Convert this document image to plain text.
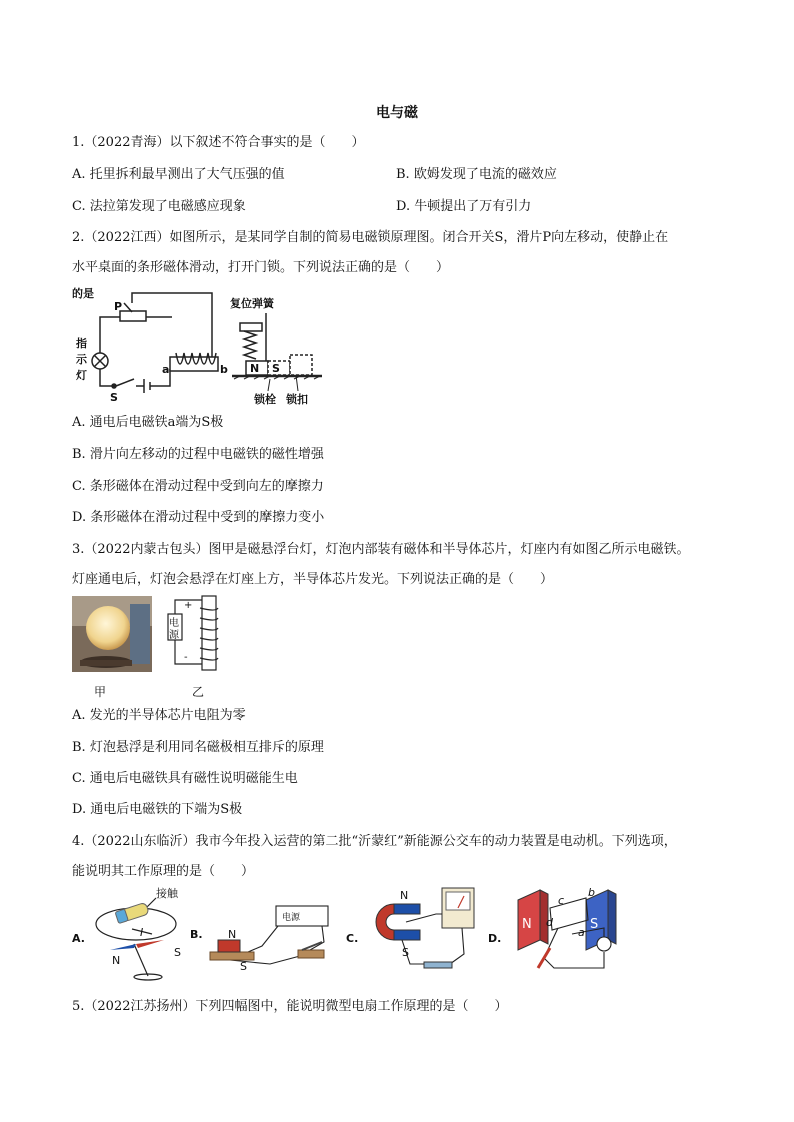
电与磁
1.（2022青海）以下叙述不符合事实的是（　　）
A. 托里拆利最早测出了大气压强的值	B. 欧姆发现了电流的磁效应
C. 法拉第发现了电磁感应现象	D. 牛顿提出了万有引力
2.（2022江西）如图所示，是某同学自制的简易电磁锁原理图。闭合开关S，滑片P向左移动，使静止在
水平桌面的条形磁体滑动，打开门锁。下列说法正确的是（　　）
的是
指
示
灯
P
S
a	b
复位弹簧
N S
锁栓 锁扣
A. 通电后电磁铁a端为S极
B. 滑片向左移动的过程中电磁铁的磁性增强
C. 条形磁体在滑动过程中受到向左的摩擦力
D. 条形磁体在滑动过程中受到的摩擦力变小
3.（2022内蒙古包头）图甲是磁悬浮台灯，灯泡内部装有磁体和半导体芯片，灯座内有如图乙所示电磁铁。
灯座通电后，灯泡会悬浮在灯座上方，半导体芯片发光。下列说法正确的是（　　）
电
源
+
-
甲	乙
A. 发光的半导体芯片电阻为零
B. 灯泡悬浮是利用同名磁极相互排斥的原理
C. 通电后电磁铁具有磁性说明磁能生电
D. 通电后电磁铁的下端为S极
4.（2022山东临沂）我市今年投入运营的第二批“沂蒙红”新能源公交车的动力装置是电动机。下列选项，
能说明其工作原理的是（　　）
A.
接触
I
N
S
B.
电源
N
S
C.
N
S
D.
N	S
c
b
d
a
5.（2022江苏扬州）下列四幅图中，能说明微型电扇工作原理的是（　　）
